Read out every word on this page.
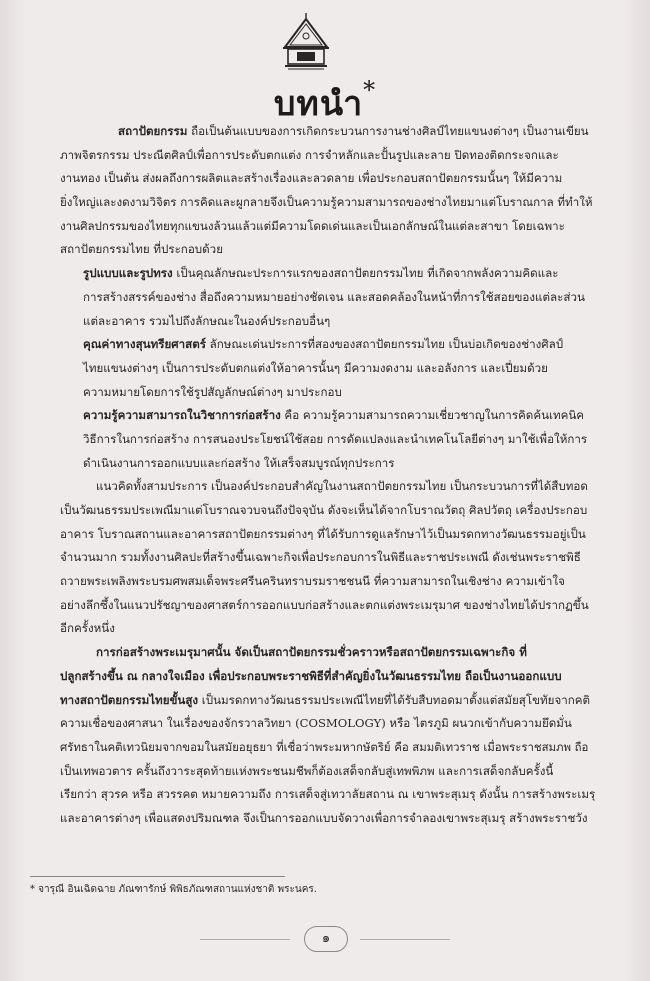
บทนำ*
สถาปัตยกรรม ถือเป็นต้นแบบของการเกิดกระบวนการงานช่างศิลป์ไทยแขนงต่างๆ เป็นงานเขียน
ภาพจิตรกรรม ประณีตศิลป์เพื่อการประดับตกแต่ง การจำหลักและปั้นรูปและลาย ปิดทองติดกระจกและ
งานทอง เป็นต้น ส่งผลถึงการผลิตและสร้างเรื่องและลวดลาย เพื่อประกอบสถาปัตยกรรมนั้นๆ ให้มีความ
ยิ่งใหญ่และงดงามวิจิตร การคิดและผูกลายจึงเป็นความรู้ความสามารถของช่างไทยมาแต่โบราณกาล ที่ทำให้
งานศิลปกรรมของไทยทุกแขนงล้วนแล้วแต่มีความโดดเด่นและเป็นเอกลักษณ์ในแต่ละสาขา โดยเฉพาะ
สถาปัตยกรรมไทย ที่ประกอบด้วย
รูปแบบและรูปทรง เป็นคุณลักษณะประการแรกของสถาปัตยกรรมไทย ที่เกิดจากพลังความคิดและ
การสร้างสรรค์ของช่าง สื่อถึงความหมายอย่างชัดเจน และสอดคล้องในหน้าที่การใช้สอยของแต่ละส่วน
แต่ละอาคาร รวมไปถึงลักษณะในองค์ประกอบอื่นๆ
คุณค่าทางสุนทรียศาสตร์ ลักษณะเด่นประการที่สองของสถาปัตยกรรมไทย เป็นบ่อเกิดของช่างศิลป์
ไทยแขนงต่างๆ เป็นการประดับตกแต่งให้อาคารนั้นๆ มีความงดงาม และอลังการ และเปี่ยมด้วย
ความหมายโดยการใช้รูปสัญลักษณ์ต่างๆ มาประกอบ
ความรู้ความสามารถในวิชาการก่อสร้าง คือ ความรู้ความสามารถความเชี่ยวชาญในการคิดค้นเทคนิค
วิธีการในการก่อสร้าง การสนองประโยชน์ใช้สอย การดัดแปลงและนำเทคโนโลยีต่างๆ มาใช้เพื่อให้การ
ดำเนินงานการออกแบบและก่อสร้าง ให้เสร็จสมบูรณ์ทุกประการ
แนวคิดทั้งสามประการ เป็นองค์ประกอบสำคัญในงานสถาปัตยกรรมไทย เป็นกระบวนการที่ได้สืบทอด
เป็นวัฒนธรรมประเพณีมาแต่โบราณจวบจนถึงปัจจุบัน ดังจะเห็นได้จากโบราณวัตถุ ศิลปวัตถุ เครื่องประกอบ
อาคาร โบราณสถานและอาคารสถาปัตยกรรมต่างๆ ที่ได้รับการดูแลรักษาไว้เป็นมรดกทางวัฒนธรรมอยู่เป็น
จำนวนมาก รวมทั้งงานศิลปะที่สร้างขึ้นเฉพาะกิจเพื่อประกอบการในพิธีและราชประเพณี ดังเช่นพระราชพิธี
ถวายพระเพลิงพระบรมศพสมเด็จพระศรีนครินทราบรมราชชนนี ที่ความสามารถในเชิงช่าง ความเข้าใจ
อย่างลึกซึ้งในแนวปรัชญาของศาสตร์การออกแบบก่อสร้างและตกแต่งพระเมรุมาศ ของช่างไทยได้ปรากฏขึ้น
อีกครั้งหนึ่ง
การก่อสร้างพระเมรุมาศนั้น จัดเป็นสถาปัตยกรรมชั่วคราวหรือสถาปัตยกรรมเฉพาะกิจ ที่
ปลูกสร้างขึ้น ณ กลางใจเมือง เพื่อประกอบพระราชพิธีที่สำคัญยิ่งในวัฒนธรรมไทย ถือเป็นงานออกแบบ
ทางสถาปัตยกรรมไทยขั้นสูง เป็นมรดกทางวัฒนธรรมประเพณีไทยที่ได้รับสืบทอดมาตั้งแต่สมัยสุโขทัยจากคติ
ความเชื่อของศาสนา ในเรื่องของจักรวาลวิทยา (COSMOLOGY) หรือ ไตรภูมิ ผนวกเข้ากับความยึดมั่น
ศรัทธาในคติเทวนิยมจากขอมในสมัยอยุธยา ที่เชื่อว่าพระมหากษัตริย์ คือ สมมติเทวราช เมื่อพระราชสมภพ ถือ
เป็นเทพอวตาร ครั้นถึงวาระสุดท้ายแห่งพระชนมชีพก็ต้องเสด็จกลับสู่เทพพิภพ และการเสด็จกลับครั้งนี้
เรียกว่า สุวรค หรือ สวรรคต หมายความถึง การเสด็จสู่เทวาลัยสถาน ณ เขาพระสุเมรุ ดังนั้น การสร้างพระเมรุ
และอาคารต่างๆ เพื่อแสดงปริมณฑล จึงเป็นการออกแบบจัดวางเพื่อการจำลองเขาพระสุเมรุ สร้างพระราชวัง
* จารุณี อินเฉิดฉาย ภัณฑารักษ์ พิพิธภัณฑสถานแห่งชาติ พระนคร.
๑
